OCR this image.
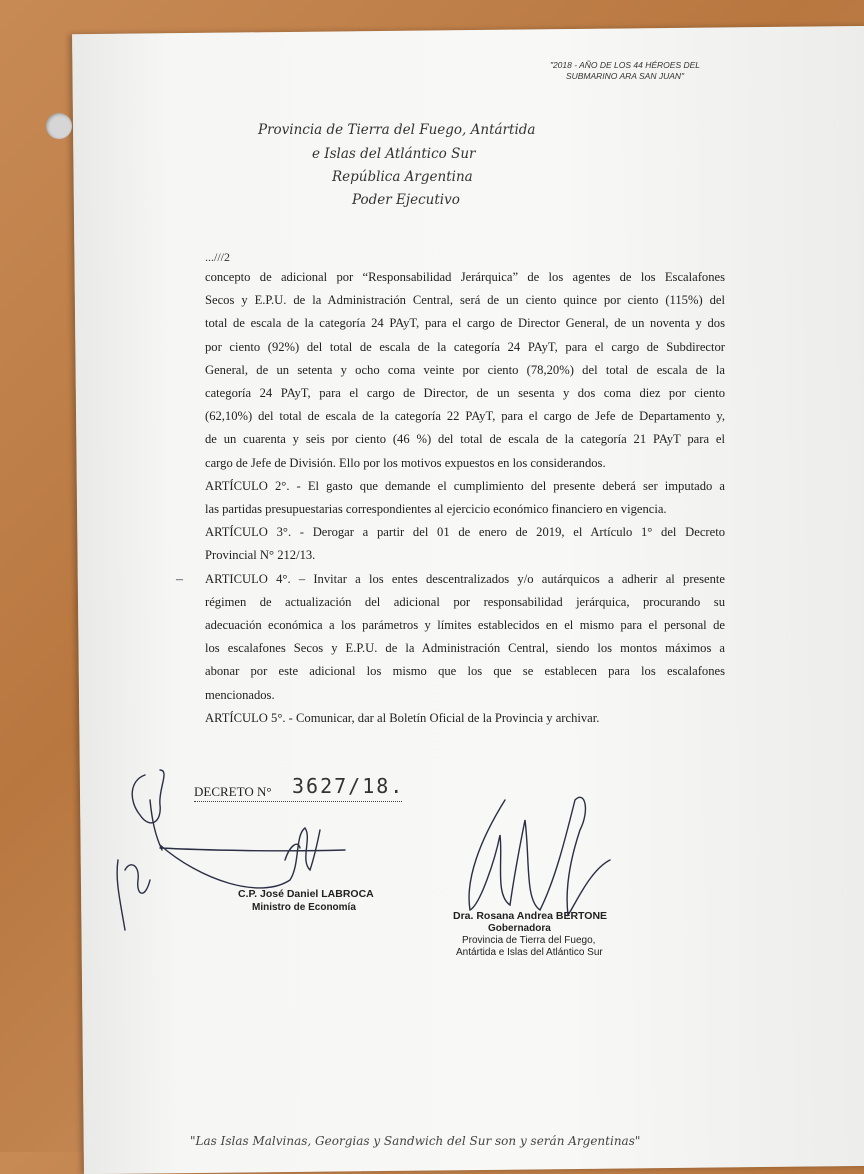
"2018 - AÑO DE LOS 44 HÉROES DEL
SUBMARINO ARA SAN JUAN"
Provincia de Tierra del Fuego, Antártida
e Islas del Atlántico Sur
República Argentina
Poder Ejecutivo
...///2

concepto de adicional por “Responsabilidad Jerárquica” de los agentes de los Escalafones
Secos y E.P.U. de la Administración Central, será de un ciento quince por ciento (115%) del
total de escala de la categoría 24 PAyT, para el cargo de Director General, de un noventa y dos
por ciento (92%) del total de escala de la categoría 24 PAyT, para el cargo de Subdirector
General, de un setenta y ocho coma veinte por ciento (78,20%) del total de escala de la
categoría 24 PAyT, para el cargo de Director, de un sesenta y dos coma diez por ciento
(62,10%) del total de escala de la categoría 22 PAyT, para el cargo de Jefe de Departamento y,
de un cuarenta y seis por ciento (46 %) del total de escala de la categoría 21 PAyT para el
cargo de Jefe de División. Ello por los motivos expuestos en los considerandos.

ARTÍCULO 2°. - El gasto que demande el cumplimiento del presente deberá ser imputado a
las partidas presupuestarias correspondientes al ejercicio económico financiero en vigencia.

ARTÍCULO 3°. - Derogar a partir del 01 de enero de 2019, el Artículo 1° del Decreto
Provincial N° 212/13.

ARTICULO 4°. – Invitar a los entes descentralizados y/o autárquicos a adherir al presente
régimen de actualización del adicional por responsabilidad jerárquica, procurando su
adecuación económica a los parámetros y límites establecidos en el mismo para el personal de
los escalafones Secos y E.P.U. de la Administración Central, siendo los montos máximos a
abonar por este adicional los mismo que los que se establecen para los escalafones
mencionados.

ARTÍCULO 5°. - Comunicar, dar al Boletín Oficial de la Provincia y archivar.

–
DECRETO N° 3627/18.
C.P. José Daniel LABROCA
Ministro de Economía
Dra. Rosana Andrea BERTONE
Gobernadora
Provincia de Tierra del Fuego,
Antártida e Islas del Atlántico Sur
"Las Islas Malvinas, Georgias y Sandwich del Sur son y serán Argentinas"
